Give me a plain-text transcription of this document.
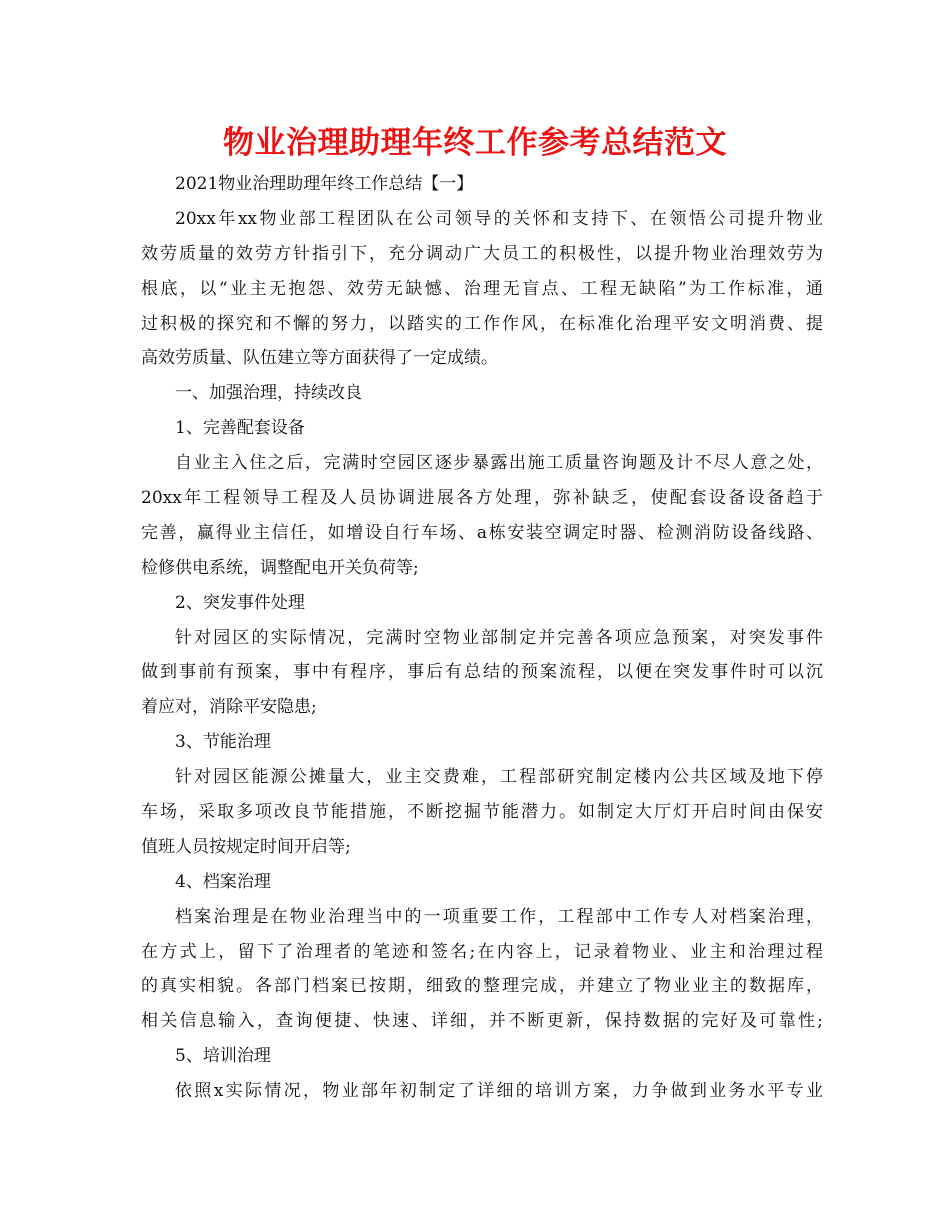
物业治理助理年终工作参考总结范文
2021物业治理助理年终工作总结【一】
20xx年xx物业部工程团队在公司领导的关怀和支持下、在领悟公司提升物业
效劳质量的效劳方针指引下，充分调动广大员工的积极性，以提升物业治理效劳为
根底，以“业主无抱怨、效劳无缺憾、治理无盲点、工程无缺陷”为工作标准，通
过积极的探究和不懈的努力，以踏实的工作作风，在标准化治理平安文明消费、提
高效劳质量、队伍建立等方面获得了一定成绩。
一、加强治理，持续改良
1、完善配套设备
自业主入住之后，完满时空园区逐步暴露出施工质量咨询题及计不尽人意之处，
20xx年工程领导工程及人员协调进展各方处理，弥补缺乏，使配套设备设备趋于
完善，赢得业主信任，如增设自行车场、a栋安装空调定时器、检测消防设备线路、
检修供电系统，调整配电开关负荷等;
2、突发事件处理
针对园区的实际情况，完满时空物业部制定并完善各项应急预案，对突发事件
做到事前有预案，事中有程序，事后有总结的预案流程，以便在突发事件时可以沉
着应对，消除平安隐患;
3、节能治理
针对园区能源公摊量大，业主交费难，工程部研究制定楼内公共区域及地下停
车场，采取多项改良节能措施，不断挖掘节能潜力。如制定大厅灯开启时间由保安
值班人员按规定时间开启等;
4、档案治理
档案治理是在物业治理当中的一项重要工作，工程部中工作专人对档案治理，
在方式上，留下了治理者的笔迹和签名;在内容上，记录着物业、业主和治理过程
的真实相貌。各部门档案已按期，细致的整理完成，并建立了物业业主的数据库，
相关信息输入，查询便捷、快速、详细，并不断更新，保持数据的完好及可靠性;
5、培训治理
依照x实际情况，物业部年初制定了详细的培训方案，力争做到业务水平专业
